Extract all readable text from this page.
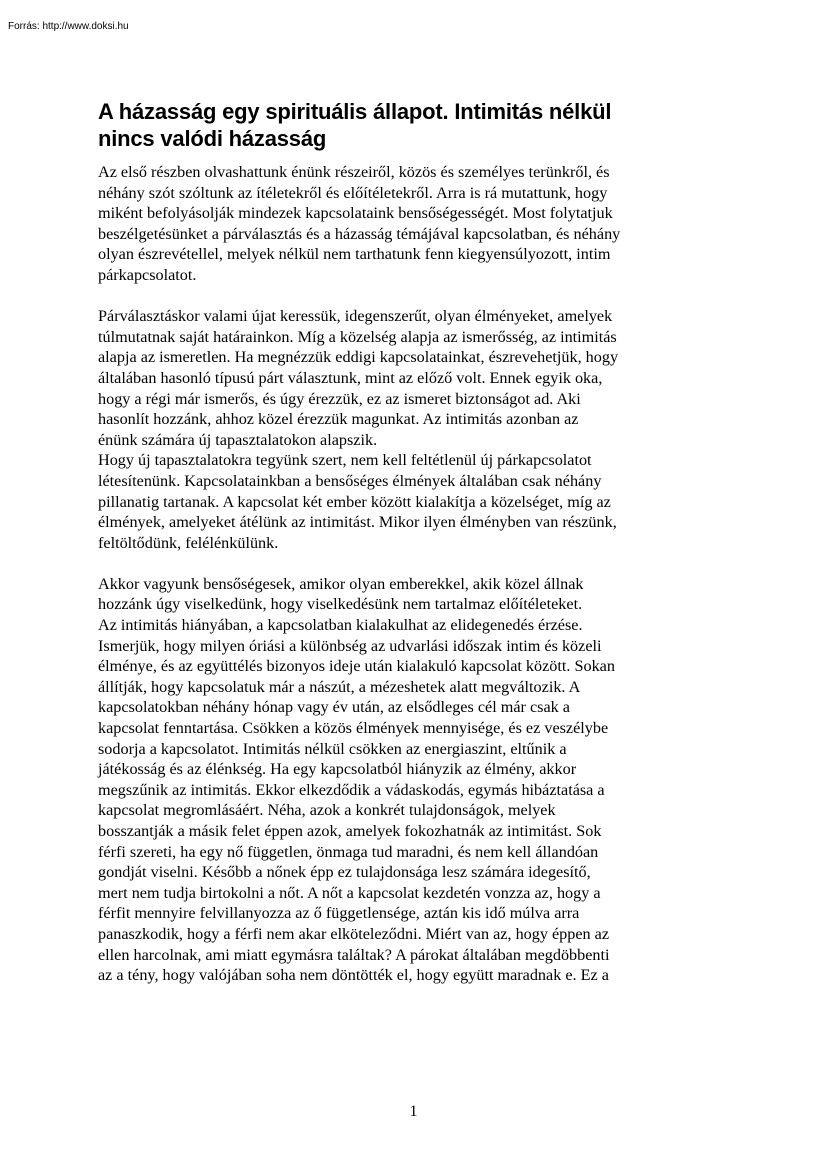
Forrás: http://www.doksi.hu
A házasság egy spirituális állapot. Intimitás nélkül
nincs valódi házasság

Az első részben olvashattunk énünk részeiről, közös és személyes terünkről, és
néhány szót szóltunk az ítéletekről és előítéletekről. Arra is rá mutattunk, hogy
miként befolyásolják mindezek kapcsolataink bensőségességét. Most folytatjuk
beszélgetésünket a párválasztás és a házasság témájával kapcsolatban, és néhány
olyan észrevétellel, melyek nélkül nem tarthatunk fenn kiegyensúlyozott, intim
párkapcsolatot.

Párválasztáskor valami újat keressük, idegenszerűt, olyan élményeket, amelyek
túlmutatnak saját határainkon. Míg a közelség alapja az ismerősség, az intimitás
alapja az ismeretlen. Ha megnézzük eddigi kapcsolatainkat, észrevehetjük, hogy
általában hasonló típusú párt választunk, mint az előző volt. Ennek egyik oka,
hogy a régi már ismerős, és úgy érezzük, ez az ismeret biztonságot ad. Aki
hasonlít hozzánk, ahhoz közel érezzük magunkat. Az intimitás azonban az
énünk számára új tapasztalatokon alapszik.

Hogy új tapasztalatokra tegyünk szert, nem kell feltétlenül új párkapcsolatot
létesítenünk. Kapcsolatainkban a bensőséges élmények általában csak néhány
pillanatig tartanak. A kapcsolat két ember között kialakítja a közelséget, míg az
élmények, amelyeket átélünk az intimitást. Mikor ilyen élményben van részünk,
feltöltődünk, felélénkülünk.

Akkor vagyunk bensőségesek, amikor olyan emberekkel, akik közel állnak
hozzánk úgy viselkedünk, hogy viselkedésünk nem tartalmaz előítéleteket.

Az intimitás hiányában, a kapcsolatban kialakulhat az elidegenedés érzése.
Ismerjük, hogy milyen óriási a különbség az udvarlási időszak intim és közeli
élménye, és az együttélés bizonyos ideje után kialakuló kapcsolat között. Sokan
állítják, hogy kapcsolatuk már a nászút, a mézeshetek alatt megváltozik. A
kapcsolatokban néhány hónap vagy év után, az elsődleges cél már csak a
kapcsolat fenntartása. Csökken a közös élmények mennyisége, és ez veszélybe
sodorja a kapcsolatot. Intimitás nélkül csökken az energiaszint, eltűnik a
játékosság és az élénkség. Ha egy kapcsolatból hiányzik az élmény, akkor
megszűnik az intimitás. Ekkor elkezdődik a vádaskodás, egymás hibáztatása a
kapcsolat megromlásáért. Néha, azok a konkrét tulajdonságok, melyek
bosszantják a másik felet éppen azok, amelyek fokozhatnák az intimitást. Sok
férfi szereti, ha egy nő független, önmaga tud maradni, és nem kell állandóan
gondját viselni. Később a nőnek épp ez tulajdonsága lesz számára idegesítő,
mert nem tudja birtokolni a nőt. A nőt a kapcsolat kezdetén vonzza az, hogy a
férfit mennyire felvillanyozza az ő függetlensége, aztán kis idő múlva arra
panaszkodik, hogy a férfi nem akar elköteleződni. Miért van az, hogy éppen az
ellen harcolnak, ami miatt egymásra találtak? A párokat általában megdöbbenti
az a tény, hogy valójában soha nem döntötték el, hogy együtt maradnak e. Ez a

1
